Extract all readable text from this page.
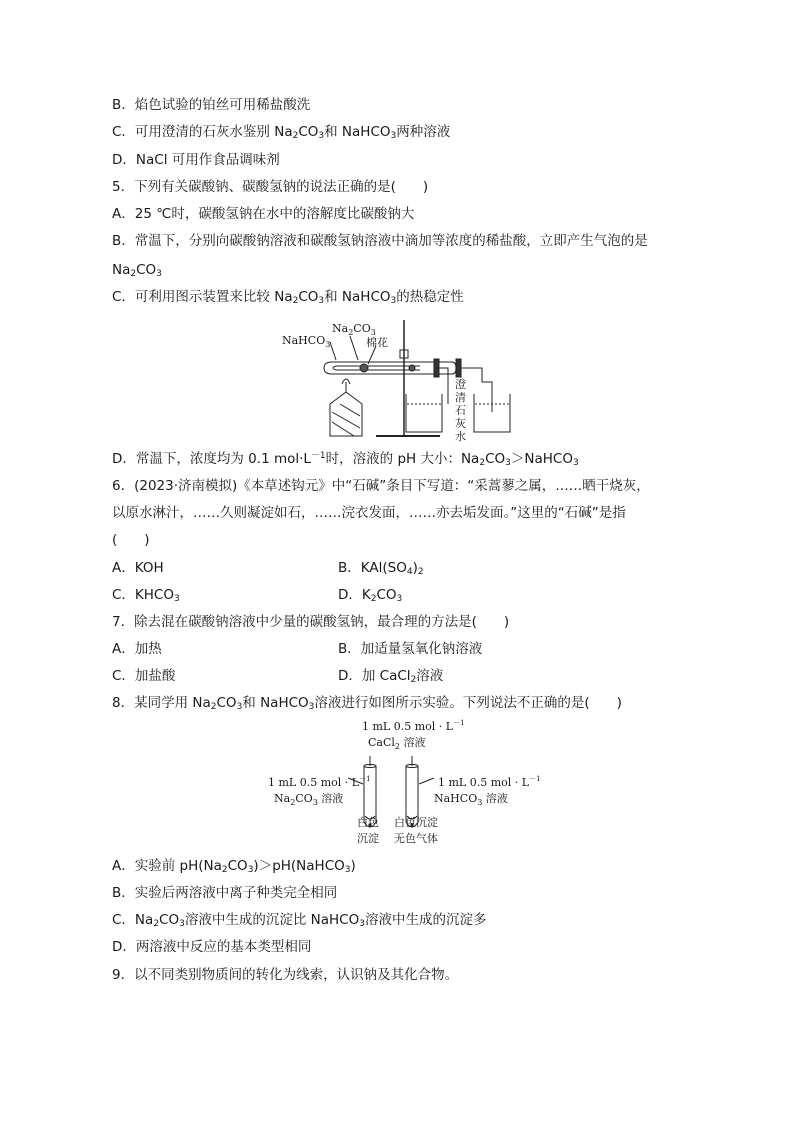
B．焰色试验的铂丝可用稀盐酸洗
C．可用澄清的石灰水鉴别 $Na_2CO_3$和 NaHCO$_3$两种溶液
D．NaCl 可用作食品调味剂
5．下列有关碳酸钠、碳酸氢钠的说法正确的是(　　)
A．25 ℃时，碳酸氢钠在水中的溶解度比碳酸钠大
B．常温下，分别向碳酸钠溶液和碳酸氢钠溶液中滴加等浓度的稀盐酸，立即产生气泡的是
$Na_2CO_3$
C．可利用图示装置来比较 $Na_2CO_3$和 NaHCO$_3$的热稳定性
NaHCO$_3$
$Na_2CO_3$
棉花
澄
清
石
灰
水
D．常温下，浓度均为 0.1 $mol\cdot L^{-1}$时，溶液的 pH 大小：$Na_2CO_3>NaHCO_3$
6．(2023·济南模拟)《本草述钩元》中“石碱”条目下写道：“采蒿蓼之属，……晒干烧灰，
以原水淋汁，……久则凝淀如石，……浣衣发面，……亦去垢发面。”这里的“石碱”是指
(　　)
A．KOH	B．$KAl(SO_4)_2$
C．$KHCO_3$	D．$K_2CO_3$
7．除去混在碳酸钠溶液中少量的碳酸氢钠，最合理的方法是(　　)
A．加热	B．加适量氢氧化钠溶液
C．加盐酸	D．加 CaCl$_2$溶液
8．某同学用 $Na_2CO_3$和 NaHCO$_3$溶液进行如图所示实验。下列说法不正确的是(　　)
1 mL 0.5 mol · $L^{-1}$
CaCl$_2$ 溶液
1 mL 0.5 mol · $L^{-1}$
$Na_2CO_3$ 溶液
1 mL 0.5 mol · $L^{-1}$
NaHCO$_3$ 溶液
白色
沉淀
白色沉淀
无色气体
A．实验前 $pH(Na_2CO_3)>pH(NaHCO_3)$
B．实验后两溶液中离子种类完全相同
C．$Na_2CO_3$溶液中生成的沉淀比 NaHCO$_3$溶液中生成的沉淀多
D．两溶液中反应的基本类型相同
9．以不同类别物质间的转化为线索，认识钠及其化合物。
